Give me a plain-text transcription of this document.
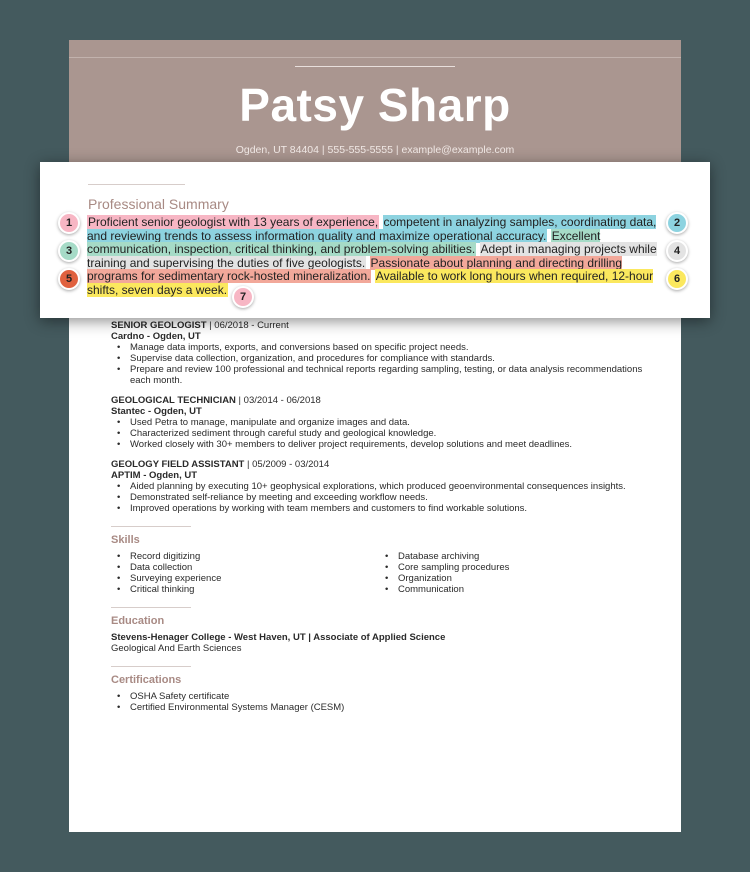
Patsy Sharp
Ogden, UT 84404 | 555-555-5555 | example@example.com
SENIOR GEOLOGIST | 06/2018 - Current
Cardno - Ogden, UT
• Manage data imports, exports, and conversions based on specific project needs.
• Supervise data collection, organization, and procedures for compliance with standards.
• Prepare and review 100 professional and technical reports regarding sampling, testing, or data analysis recommendations each month.
GEOLOGICAL TECHNICIAN | 03/2014 - 06/2018
Stantec - Ogden, UT
• Used Petra to manage, manipulate and organize images and data.
• Characterized sediment through careful study and geological knowledge.
• Worked closely with 30+ members to deliver project requirements, develop solutions and meet deadlines.
GEOLOGY FIELD ASSISTANT | 05/2009 - 03/2014
APTIM - Ogden, UT
• Aided planning by executing 10+ geophysical explorations, which produced geoenvironmental consequences insights.
• Demonstrated self-reliance by meeting and exceeding workflow needs.
• Improved operations by working with team members and customers to find workable solutions.
Skills
• Record digitizing
• Data collection
• Surveying experience
• Critical thinking
• Database archiving
• Core sampling procedures
• Organization
• Communication
Education
Stevens-Henager College - West Haven, UT | Associate of Applied Science
Geological And Earth Sciences
Certifications
• OSHA Safety certificate
• Certified Environmental Systems Manager (CESM)
Professional Summary
Proficient senior geologist with 13 years of experience, competent in analyzing samples, coordinating data, and reviewing trends to assess information quality and maximize operational accuracy. Excellent communication, inspection, critical thinking, and problem-solving abilities. Adept in managing projects while training and supervising the duties of five geologists. Passionate about planning and directing drilling programs for sedimentary rock-hosted mineralization. Available to work long hours when required, 12-hour shifts, seven days a week.
1	2
3	4
5	6
7
